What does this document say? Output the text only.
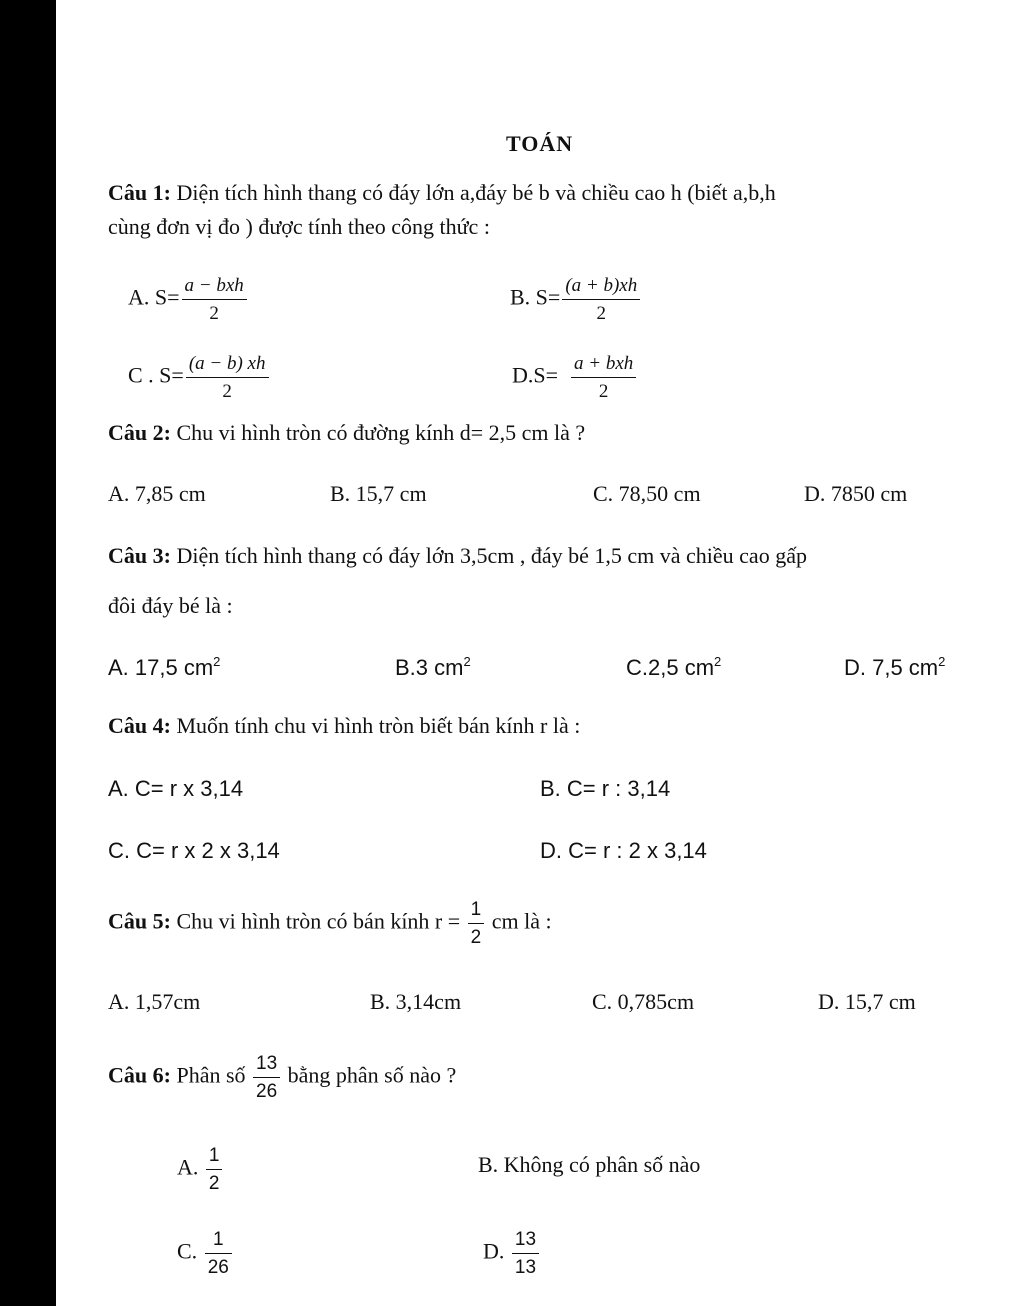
TOÁN
Câu 1: Diện tích hình thang có đáy lớn a,đáy bé b và chiều cao h (biết a,b,h
cùng đơn vị đo ) được tính theo công thức :
A. $S= \frac{\text{a − bxh}}{2}$	B. $S= \frac{(a + b)xh}{2}$
C . $S= \frac{(a - b) xh}{2}$	$D.S= \frac{\text{a + bxh}}{2}$
Câu 2: Chu vi hình tròn có đường kính d= 2,5 cm là ?
A. 7,85 cm	B. 15,7 cm	C. 78,50 cm	D. 7850 cm
Câu 3: Diện tích hình thang có đáy lớn 3,5cm , đáy bé 1,5 cm và chiều cao gấp
đôi đáy bé là :
A. 17,5 $cm^2$	B.3 $cm^2$	C.2,5 $cm^2$	D. 7,5 $cm^2$
Câu 4: Muốn tính chu vi hình tròn biết bán kính r là :
A. C= r x 3,14	B. C= r : 3,14
C. C= r x 2 x 3,14	D. C= r : 2 x 3,14
Câu 5: Chu vi hình tròn có bán kính $r = \frac{1}{2}$ cm là :
A. 1,57cm	B. 3,14cm	C. 0,785cm	D. 15,7 cm
Câu 6: Phân số $\frac{13}{26}$ bằng phân số nào ?
A. $\frac{1}{2}$	B. Không có phân số nào
C. $\frac{1}{26}$	D. $\frac{13}{13}$
